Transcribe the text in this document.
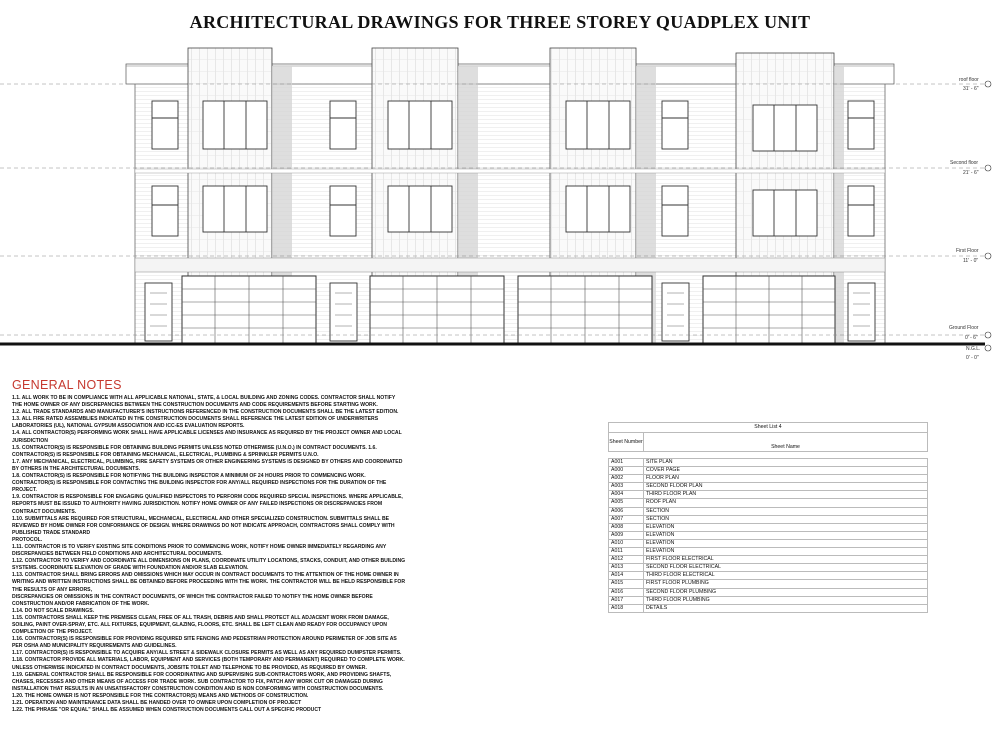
ARCHITECTURAL DRAWINGS FOR THREE STOREY QUADPLEX UNIT
roof floor
31' - 6"
Second floor
21' - 6"
First Floor
11' - 0"
Ground Floor
0' - 6"
N.G.L.
0' - 0"
GENERAL NOTES
1.1. ALL WORK TO BE IN COMPLIANCE WITH ALL APPLICABLE NATIONAL, STATE, & LOCAL BUILDING AND ZONING CODES. CONTRACTOR SHALL NOTIFY
THE HOME OWNER OF ANY DISCREPANCIES BETWEEN THE CONSTRUCTION DOCUMENTS AND CODE REQUIREMENTS BEFORE STARTING WORK.
1.2. ALL TRADE STANDARDS AND MANUFACTURER'S INSTRUCTIONS REFERENCED IN THE CONSTRUCTION DOCUMENTS SHALL BE THE LATEST EDITION.
1.3. ALL FIRE RATED ASSEMBLIES INDICATED IN THE CONSTRUCTION DOCUMENTS SHALL REFERENCE THE LATEST EDITION OF UNDERWRITERS
LABORATORIES (UL), NATIONAL GYPSUM ASSOCIATION AND ICC-ES EVALUATION REPORTS.
1.4. ALL CONTRACTOR(S) PERFORMING WORK SHALL HAVE APPLICABLE LICENSES AND INSURANCE AS REQUIRED BY THE PROJECT OWNER AND LOCAL
JURISDICTION
1.5. CONTRACTOR(S) IS RESPONSIBLE FOR OBTAINING BUILDING PERMITS UNLESS NOTED OTHERWISE (U.N.O.) IN CONTRACT DOCUMENTS. 1.6.
CONTRACTOR(S) IS RESPONSIBLE FOR OBTAINING MECHANICAL, ELECTRICAL, PLUMBING & SPRINKLER PERMITS U.N.O.
1.7. ANY MECHANICAL, ELECTRICAL, PLUMBING, FIRE SAFETY SYSTEMS OR OTHER ENGINEERING SYSTEMS IS DESIGNED BY OTHERS AND COORDINATED
BY OTHERS IN THE ARCHITECTURAL DOCUMENTS.
1.8. CONTRACTOR(S) IS RESPONSIBLE FOR NOTIFYING THE BUILDING INSPECTOR A MINIMUM OF 24 HOURS PRIOR TO COMMENCING WORK.
CONTRACTOR(S) IS RESPONSIBLE FOR CONTACTING THE BUILDING INSPECTOR FOR ANY/ALL REQUIRED INSPECTIONS FOR THE DURATION OF THE
PROJECT.
1.9. CONTRACTOR IS RESPONSIBLE FOR ENGAGING QUALIFIED INSPECTORS TO PERFORM CODE REQUIRED SPECIAL INSPECTIONS. WHERE APPLICABLE,
REPORTS MUST BE ISSUED TO AUTHORITY HAVING JURISDICTION. NOTIFY HOME OWNER OF ANY FAILED INSPECTIONS OR DISCREPANCIES FROM
CONTRACT DOCUMENTS.
1.10. SUBMITTALS ARE REQUIRED FOR STRUCTURAL, MECHANICAL, ELECTRICAL AND OTHER SPECIALIZED CONSTRUCTION. SUBMITTALS SHALL BE
REVIEWED BY HOME OWNER FOR CONFORMANCE OF DESIGN. WHERE DRAWINGS DO NOT INDICATE APPROACH, CONTRACTORS SHALL COMPLY WITH
PUBLISHED TRADE STANDARD
PROTOCOL.
1.11. CONTRACTOR IS TO VERIFY EXISTING SITE CONDITIONS PRIOR TO COMMENCING WORK, NOTIFY HOME OWNER IMMEDIATELY REGARDING ANY
DISCREPANCIES BETWEEN FIELD CONDITIONS AND ARCHITECTURAL DOCUMENTS.
1.12. CONTRACTOR TO VERIFY AND COORDINATE ALL DIMENSIONS ON PLANS, COORDINATE UTILITY LOCATIONS, STACKS, CONDUIT, AND OTHER BUILDING
SYSTEMS. COORDINATE ELEVATION OF GRADE WITH FOUNDATION AND/OR SLAB ELEVATION.
1.13. CONTRACTOR SHALL BRING ERRORS AND OMISSIONS WHICH MAY OCCUR IN CONTRACT DOCUMENTS TO THE ATTENTION OF THE HOME OWNER IN
WRITING AND WRITTEN INSTRUCTIONS SHALL BE OBTAINED BEFORE PROCEEDING WITH THE WORK. THE CONTRACTOR WILL BE HELD RESPONSIBLE FOR
THE RESULTS OF ANY ERRORS,
DISCREPANCIES OR OMISSIONS IN THE CONTRACT DOCUMENTS, OF WHICH THE CONTRACTOR FAILED TO NOTIFY THE HOME OWNER BEFORE
CONSTRUCTION AND/OR FABRICATION OF THE WORK.
1.14. DO NOT SCALE DRAWINGS.
1.15. CONTRACTORS SHALL KEEP THE PREMISES CLEAN, FREE OF ALL TRASH, DEBRIS AND SHALL PROTECT ALL ADJACENT WORK FROM DAMAGE,
SOILING, PAINT OVER-SPRAY, ETC. ALL FIXTURES, EQUIPMENT, GLAZING, FLOORS, ETC. SHALL BE LEFT CLEAN AND READY FOR OCCUPANCY UPON
COMPLETION OF THE PROJECT.
1.16. CONTRACTOR(S) IS RESPONSIBLE FOR PROVIDING REQUIRED SITE FENCING AND PEDESTRIAN PROTECTION AROUND PERIMETER OF JOB SITE AS
PER OSHA AND MUNICIPALITY REQUIREMENTS AND GUIDELINES.
1.17. CONTRACTOR(S) IS RESPONSIBLE TO ACQUIRE ANY/ALL STREET & SIDEWALK CLOSURE PERMITS AS WELL AS ANY REQUIRED DUMPSTER PERMITS.
1.18. CONTRACTOR PROVIDE ALL MATERIALS, LABOR, EQUIPMENT AND SERVICES (BOTH TEMPORARY AND PERMANENT) REQUIRED TO COMPLETE WORK.
UNLESS OTHERWISE INDICATED IN CONTRACT DOCUMENTS, JOBSITE TOILET AND TELEPHONE TO BE PROVIDED, AS REQUIRED BY OWNER.
1.19. GENERAL CONTRACTOR SHALL BE RESPONSIBLE FOR COORDINATING AND SUPERVISING SUB-CONTRACTORS WORK, AND PROVIDING SHAFTS,
CHASES, RECESSES AND OTHER MEANS OF ACCESS FOR TRADE WORK. SUB CONTRACTOR TO FIX, PATCH ANY WORK CUT OR DAMAGED DURING
INSTALLATION THAT RESULTS IN AN UNSATISFACTORY CONSTRUCTION CONDITION AND IS NON CONFORMING WITH CONSTRUCTION DOCUMENTS.
1.20. THE HOME OWNER IS NOT RESPONSIBLE FOR THE CONTRACTOR(S) MEANS AND METHODS OF CONSTRUCTION.
1.21. OPERATION AND MAINTENANCE DATA SHALL BE HANDED OVER TO OWNER UPON COMPLETION OF PROJECT
1.22. THE PHRASE "OR EQUAL" SHALL BE ASSUMED WHEN CONSTRUCTION DOCUMENTS CALL OUT A SPECIFIC PRODUCT
Sheet List 4
Sheet Number
Sheet Name
A001	SITE PLAN
A000	COVER PAGE
A002	FLOOR PLAN
A003	SECOND FLOOR PLAN
A004	THIRD FLOOR PLAN
A005	ROOF PLAN
A006	SECTION
A007	SECTION
A008	ELEVATION
A009	ELEVATION
A010	ELEVATION
A011	ELEVATION
A012	FIRST FLOOR ELECTRICAL
A013	SECOND FLOOR ELECTRICAL
A014	THIRD FLOOR ELECTRICAL
A015	FIRST FLOOR PLUMBING
A016	SECOND FLOOR PLUMBING
A017	THIRD FLOOR PLUMBING
A018	DETAILS
